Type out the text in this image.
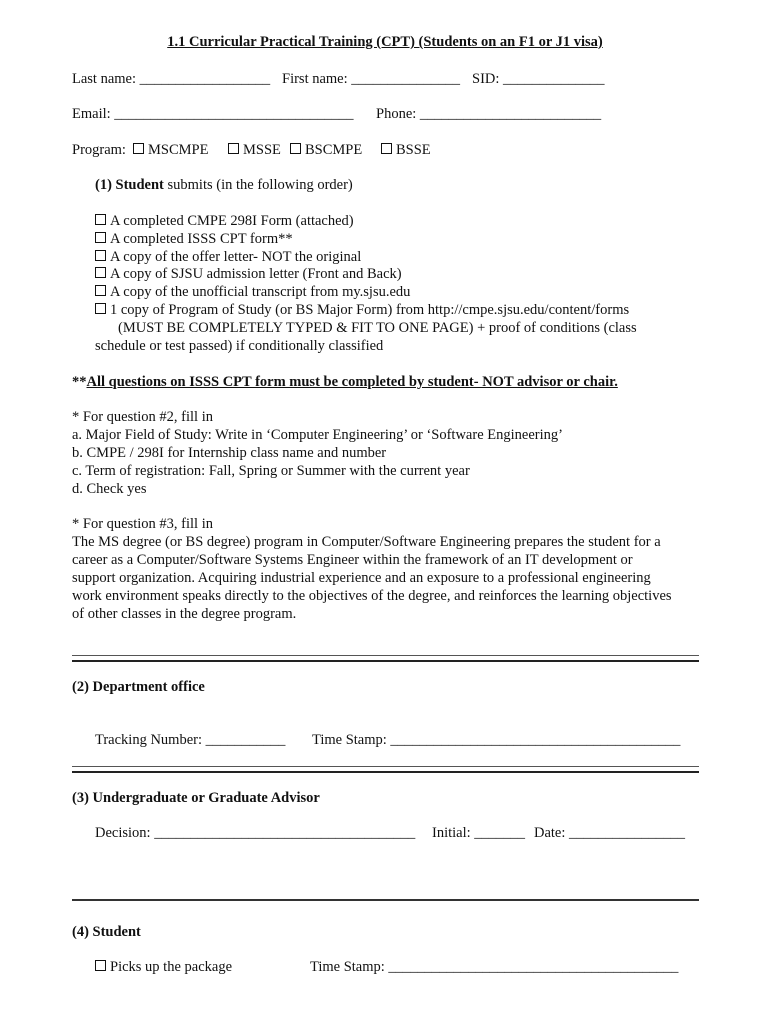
1.1 Curricular Practical Training (CPT) (Students on an F1 or J1 visa)
Last name: __________________ First name: _______________ SID: ______________
Email: _________________________________ Phone: _________________________
Program:	MSCMPE	MSSE	BSCMPE	BSSE
(1) Student submits (in the following order)
A completed CMPE 298I Form (attached)
A completed ISSS CPT form**
A copy of the offer letter- NOT the original
A copy of SJSU admission letter (Front and Back)
A copy of the unofficial transcript from my.sjsu.edu
1 copy of Program of Study (or BS Major Form) from http://cmpe.sjsu.edu/content/forms
(MUST BE COMPLETELY TYPED & FIT TO ONE PAGE) + proof of conditions (class
schedule or test passed) if conditionally classified
**All questions on ISSS CPT form must be completed by student- NOT advisor or chair.
* For question #2, fill in
a. Major Field of Study: Write in ‘Computer Engineering’ or ‘Software Engineering’
b. CMPE / 298I for Internship class name and number
c. Term of registration: Fall, Spring or Summer with the current year
d. Check yes
* For question #3, fill in
The MS degree (or BS degree) program in Computer/Software Engineering prepares the student for a
career as a Computer/Software Systems Engineer within the framework of an IT development or
support organization. Acquiring industrial experience and an exposure to a professional engineering
work environment speaks directly to the objectives of the degree, and reinforces the learning objectives
of other classes in the degree program.
(2) Department office
Tracking Number: ___________ Time Stamp: ________________________________________
(3) Undergraduate or Graduate Advisor
Decision: ____________________________________ Initial: _______ Date: ________________
(4) Student
Picks up the package	Time Stamp: ________________________________________
